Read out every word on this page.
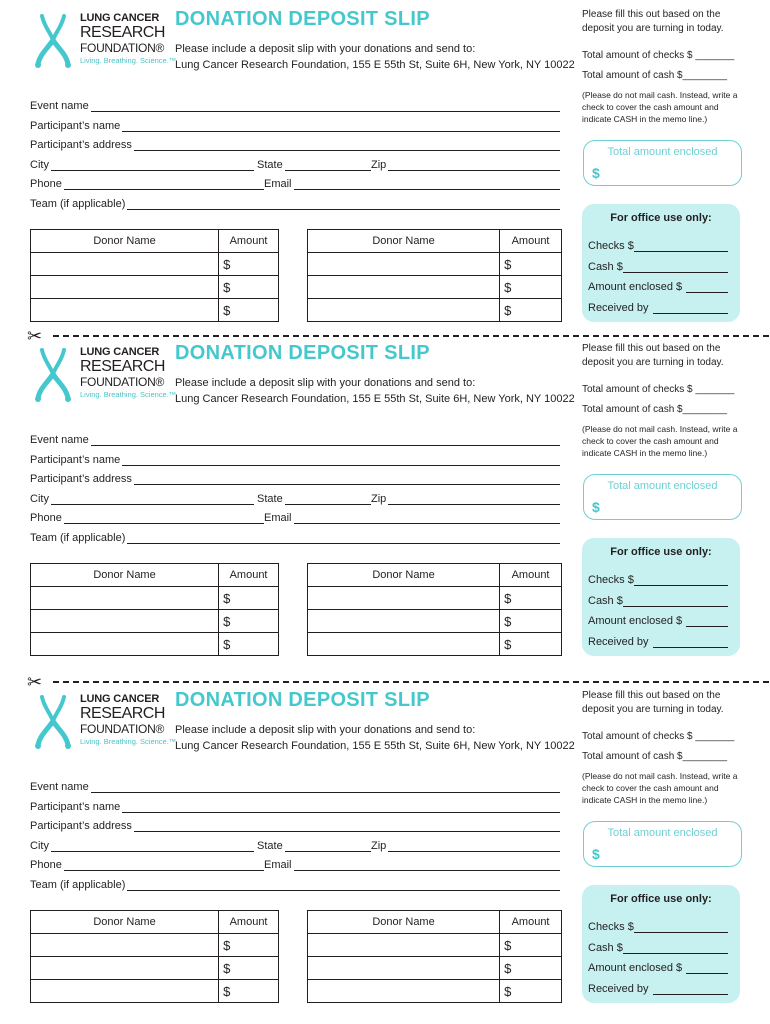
LUNG CANCER
RESEARCH
FOUNDATION®
Living. Breathing. Science.™
DONATION DEPOSIT SLIP
Please include a deposit slip with your donations and send to:
Lung Cancer Research Foundation, 155 E 55th St, Suite 6H, New York, NY 10022
Event name
Participant’s name
Participant’s address
City	State	Zip
Phone	Email
Team (if applicable)
Please fill this out based on the
deposit you are turning in today.
Total amount of checks $ _______
Total amount of cash $________
(Please do not mail cash. Instead, write a check to cover the cash amount and indicate CASH in the memo line.)
Total amount enclosed
$
For office use only:
Checks $
Cash $
Amount enclosed $
Received by
Donor Name	Amount
	$
	$
	$
Donor Name	Amount
	$
	$
	$
LUNG CANCER
RESEARCH
FOUNDATION®
Living. Breathing. Science.™
DONATION DEPOSIT SLIP
Please include a deposit slip with your donations and send to:
Lung Cancer Research Foundation, 155 E 55th St, Suite 6H, New York, NY 10022
Event name
Participant’s name
Participant’s address
City	State	Zip
Phone	Email
Team (if applicable)
Please fill this out based on the
deposit you are turning in today.
Total amount of checks $ _______
Total amount of cash $________
(Please do not mail cash. Instead, write a check to cover the cash amount and indicate CASH in the memo line.)
Total amount enclosed
$
For office use only:
Checks $
Cash $
Amount enclosed $
Received by
Donor Name	Amount
	$
	$
	$
Donor Name	Amount
	$
	$
	$
LUNG CANCER
RESEARCH
FOUNDATION®
Living. Breathing. Science.™
DONATION DEPOSIT SLIP
Please include a deposit slip with your donations and send to:
Lung Cancer Research Foundation, 155 E 55th St, Suite 6H, New York, NY 10022
Event name
Participant’s name
Participant’s address
City	State	Zip
Phone	Email
Team (if applicable)
Please fill this out based on the
deposit you are turning in today.
Total amount of checks $ _______
Total amount of cash $________
(Please do not mail cash. Instead, write a check to cover the cash amount and indicate CASH in the memo line.)
Total amount enclosed
$
For office use only:
Checks $
Cash $
Amount enclosed $
Received by
Donor Name	Amount
	$
	$
	$
Donor Name	Amount
	$
	$
	$
✂
✂
